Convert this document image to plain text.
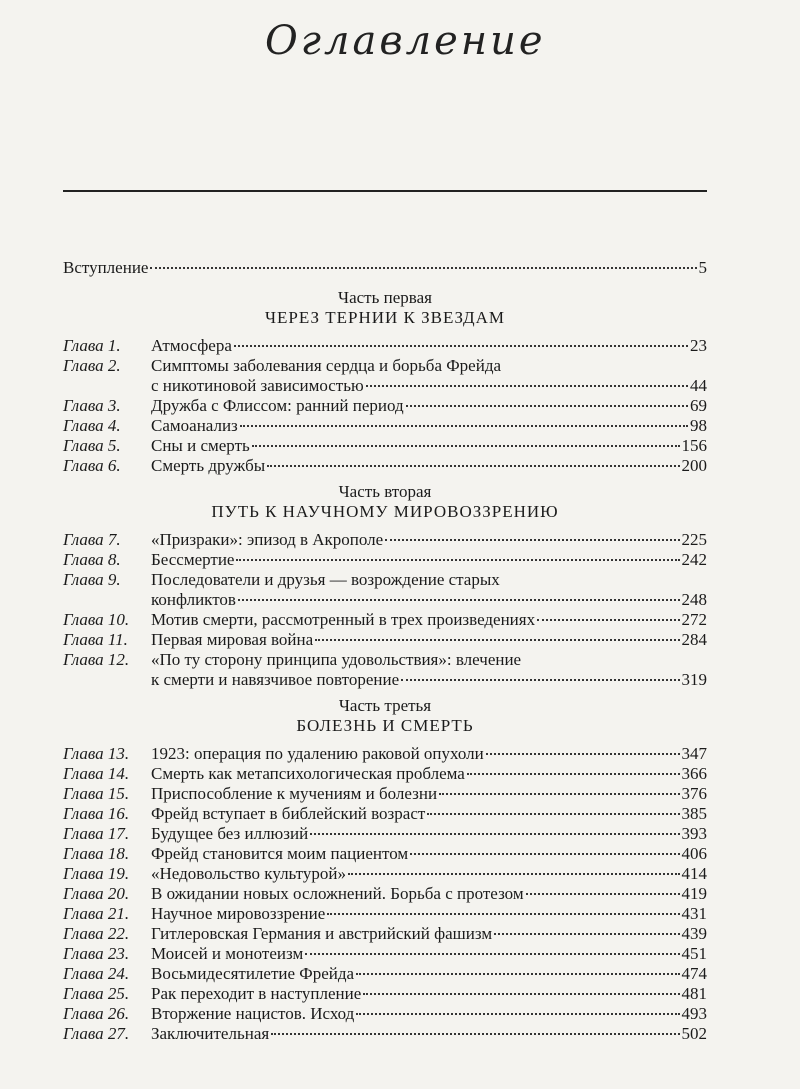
Оглавление
Вступление	5
Часть первая
ЧЕРЕЗ ТЕРНИИ К ЗВЕЗДАМ
Глава 1.	Атмосфера	23
Глава 2.	Симптомы заболевания сердца и борьба Фрейда
с никотиновой зависимостью	44
Глава 3.	Дружба с Флиссом: ранний период	69
Глава 4.	Самоанализ	98
Глава 5.	Сны и смерть	156
Глава 6.	Смерть дружбы	200
Часть вторая
ПУТЬ К НАУЧНОМУ МИРОВОЗЗРЕНИЮ
Глава 7.	«Призраки»: эпизод в Акрополе	225
Глава 8.	Бессмертие	242
Глава 9.	Последователи и друзья — возрождение старых
конфликтов	248
Глава 10.	Мотив смерти, рассмотренный в трех произведениях	272
Глава 11.	Первая мировая война	284
Глава 12.	«По ту сторону принципа удовольствия»: влечение
к смерти и навязчивое повторение	319
Часть третья
БОЛЕЗНЬ И СМЕРТЬ
Глава 13.	1923: операция по удалению раковой опухоли	347
Глава 14.	Смерть как метапсихологическая проблема	366
Глава 15.	Приспособление к мучениям и болезни	376
Глава 16.	Фрейд вступает в библейский возраст	385
Глава 17.	Будущее без иллюзий	393
Глава 18.	Фрейд становится моим пациентом	406
Глава 19.	«Недовольство культурой»	414
Глава 20.	В ожидании новых осложнений. Борьба с протезом	419
Глава 21.	Научное мировоззрение	431
Глава 22.	Гитлеровская Германия и австрийский фашизм	439
Глава 23.	Моисей и монотеизм	451
Глава 24.	Восьмидесятилетие Фрейда	474
Глава 25.	Рак переходит в наступление	481
Глава 26.	Вторжение нацистов. Исход	493
Глава 27.	Заключительная	502
